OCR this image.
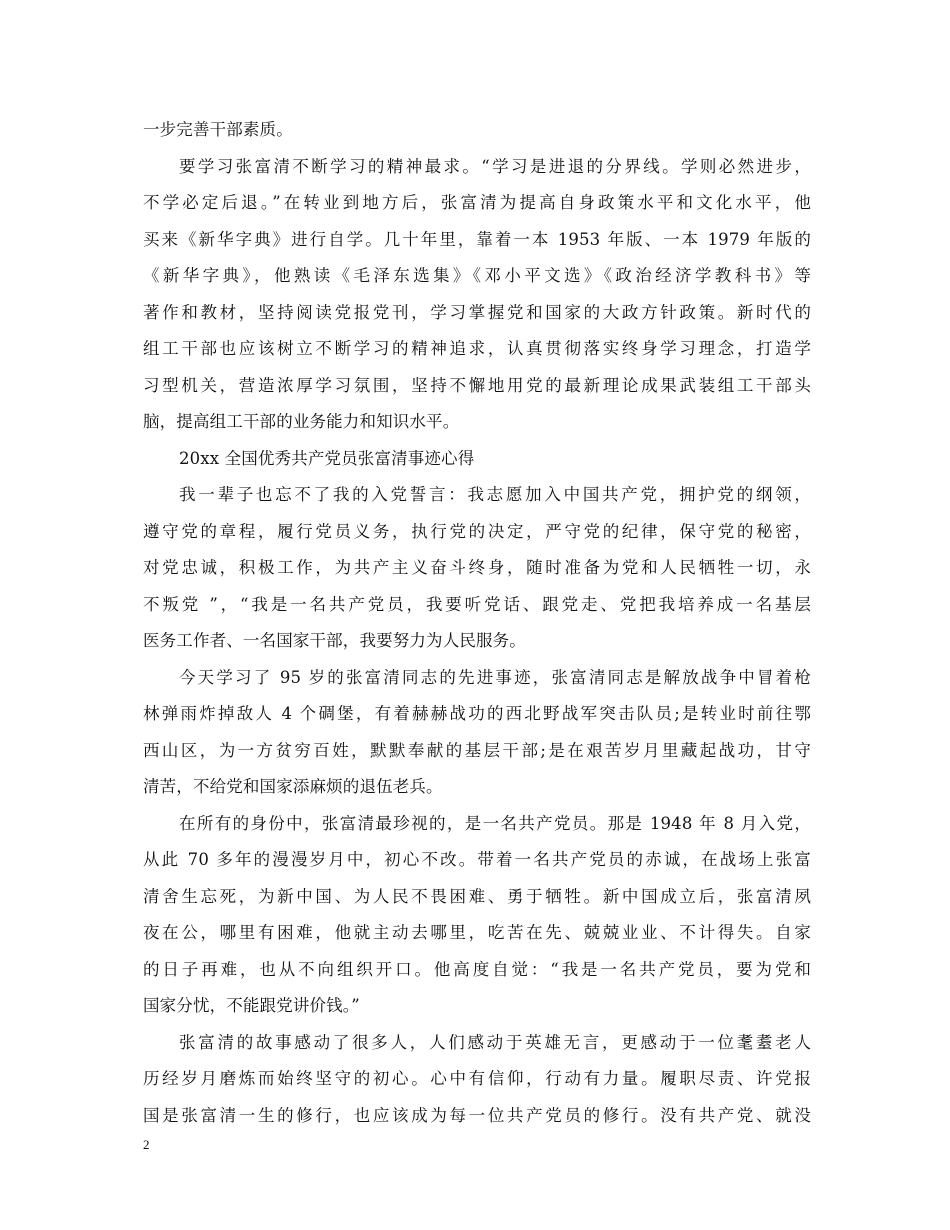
一步完善干部素质。
要学习张富清不断学习的精神最求。“学习是进退的分界线。学则必然进步，
不学必定后退。”在转业到地方后，张富清为提高自身政策水平和文化水平，他
买来《新华字典》进行自学。几十年里，靠着一本 1953 年版、一本 1979 年版的
《新华字典》，他熟读《毛泽东选集》《邓小平文选》《政治经济学教科书》等
著作和教材，坚持阅读党报党刊，学习掌握党和国家的大政方针政策。新时代的
组工干部也应该树立不断学习的精神追求，认真贯彻落实终身学习理念，打造学
习型机关，营造浓厚学习氛围，坚持不懈地用党的最新理论成果武装组工干部头
脑，提高组工干部的业务能力和知识水平。
20xx 全国优秀共产党员张富清事迹心得
我一辈子也忘不了我的入党誓言：我志愿加入中国共产党，拥护党的纲领，
遵守党的章程，履行党员义务，执行党的决定，严守党的纪律，保守党的秘密，
对党忠诚，积极工作，为共产主义奋斗终身，随时准备为党和人民牺牲一切，永
不叛党 ”，“我是一名共产党员，我要听党话、跟党走、党把我培养成一名基层
医务工作者、一名国家干部，我要努力为人民服务。
今天学习了 95 岁的张富清同志的先进事迹，张富清同志是解放战争中冒着枪
林弹雨炸掉敌人 4 个碉堡，有着赫赫战功的西北野战军突击队员;是转业时前往鄂
西山区，为一方贫穷百姓，默默奉献的基层干部;是在艰苦岁月里藏起战功，甘守
清苦，不给党和国家添麻烦的退伍老兵。
在所有的身份中，张富清最珍视的，是一名共产党员。那是 1948 年 8 月入党，
从此 70 多年的漫漫岁月中，初心不改。带着一名共产党员的赤诚，在战场上张富
清舍生忘死，为新中国、为人民不畏困难、勇于牺牲。新中国成立后，张富清夙
夜在公，哪里有困难，他就主动去哪里，吃苦在先、兢兢业业、不计得失。自家
的日子再难，也从不向组织开口。他高度自觉：“我是一名共产党员，要为党和
国家分忧，不能跟党讲价钱。”
张富清的故事感动了很多人，人们感动于英雄无言，更感动于一位耄耋老人
历经岁月磨炼而始终坚守的初心。心中有信仰，行动有力量。履职尽责、许党报
国是张富清一生的修行，也应该成为每一位共产党员的修行。没有共产党、就没
2
